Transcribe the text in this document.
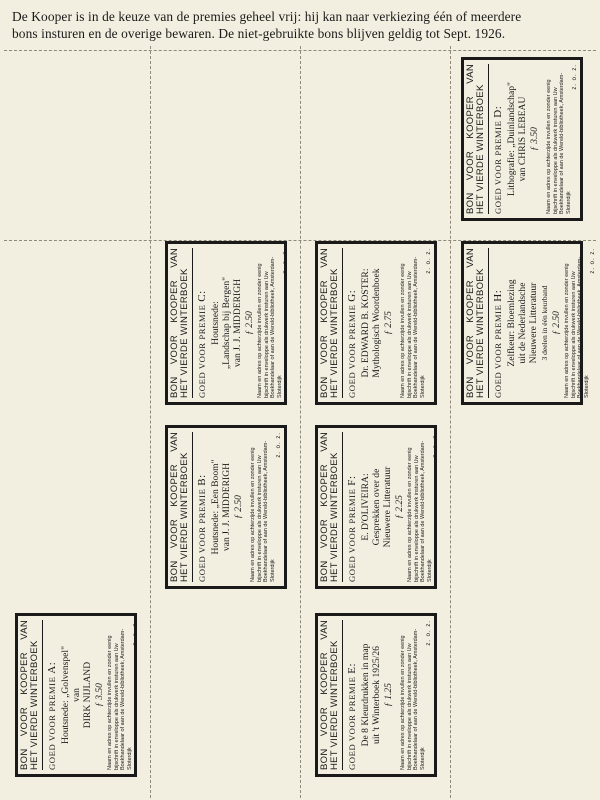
De Kooper is in de keuze van de premies geheel vrij: hij kan naar verkiezing één of meerdere
bons insturen en de overige bewaren. De niet-gebruikte bons blijven geldig tot Sept. 1926.
BON
VOOR
KOOPER
VAN
HET VIERDE WINTERBOEK GOED VOOR PREMIE A: Houtsnede: „Golvenspel" van DIRK NIJLAND ƒ 3.50 Naam en adres op achterzijde invullen en zonder eenig bijschrift in enveloppe als drukwerk insturen aan Uw Boekhandelaar of aan de Wereld-bibliotheek, Amsterdam-Sloterdijk
z. o. z.
BON
VOOR
KOOPER
VAN
HET VIERDE WINTERBOEK GOED VOOR PREMIE B: Houtsnede: „Een Boom" van J. J. MIDDERIGH ƒ 2.50 Naam en adres op achterzijde invullen en zonder eenig bijschrift in enveloppe als drukwerk insturen aan Uw Boekhandelaar of aan de Wereld-bibliotheek, Amsterdam-Sloterdijk
z. o. z.
BON
VOOR
KOOPER
VAN
HET VIERDE WINTERBOEK GOED VOOR PREMIE C:
Houtsnede: „Landschap bij Bergen" van J. J. MIDDERIGH ƒ 2.50 Naam en adres op achterzijde invullen en zonder eenig bijschrift in enveloppe als drukwerk insturen aan Uw Boekhandelaar of aan de Wereld-bibliotheek, Amsterdam-Sloterdijk
z. o. z.
BON
VOOR
KOOPER
VAN
HET VIERDE WINTERBOEK GOED VOOR PREMIE D: Lithografie: „Duinlandschap" van CHRIS LEBEAU ƒ 3.50 Naam en adres op achterzijde invullen en zonder eenig bijschrift in enveloppe als drukwerk insturen aan Uw Boekhandelaar of aan de Wereld-bibliotheek, Amsterdam-Sloterdijk
z. o. z.
BON
VOOR
KOOPER
VAN
HET VIERDE WINTERBOEK GOED VOOR PREMIE E: De 8 Kleurdrukken in map uit 't Winterboek 1925/26 ƒ 1.25 Naam en adres op achterzijde invullen en zonder eenig bijschrift in enveloppe als drukwerk insturen aan Uw Boekhandelaar of aan de Wereld-bibliotheek, Amsterdam-Sloterdijk
z. o. z.
BON
VOOR
KOOPER
VAN
HET VIERDE WINTERBOEK GOED VOOR PREMIE F: E. D'OLIVEIRA: Gesprekken over de Nieuwere Litteratuur ƒ 2.25 Naam en adres op achterzijde invullen en zonder eenig bijschrift in enveloppe als drukwerk insturen aan Uw Boekhandelaar of aan de Wereld-bibliotheek, Amsterdam-Sloterdijk
z. o. z.
BON
VOOR
KOOPER
VAN
HET VIERDE WINTERBOEK GOED VOOR PREMIE G: Dr. EDWARD B. KOSTER: Mythologisch Woordenboek ƒ 2.75 Naam en adres op achterzijde invullen en zonder eenig bijschrift in enveloppe als drukwerk insturen aan Uw Boekhandelaar of aan de Wereld-bibliotheek, Amsterdam-Sloterdijk
z. o. z.
BON
VOOR
KOOPER
VAN
HET VIERDE WINTERBOEK GOED VOOR PREMIE H: Zelfkeur: Bloemlezing uit de Nederlandsche Nieuwere Litteratuur 3 deelen in één keurband ƒ 2.50 Naam en adres op achterzijde invullen en zonder eenig bijschrift in enveloppe als drukwerk insturen aan Uw Boekhandelaar of aan de Wereld-bibliotheek, Amsterdam-Sloterdijk
z. o. z.
